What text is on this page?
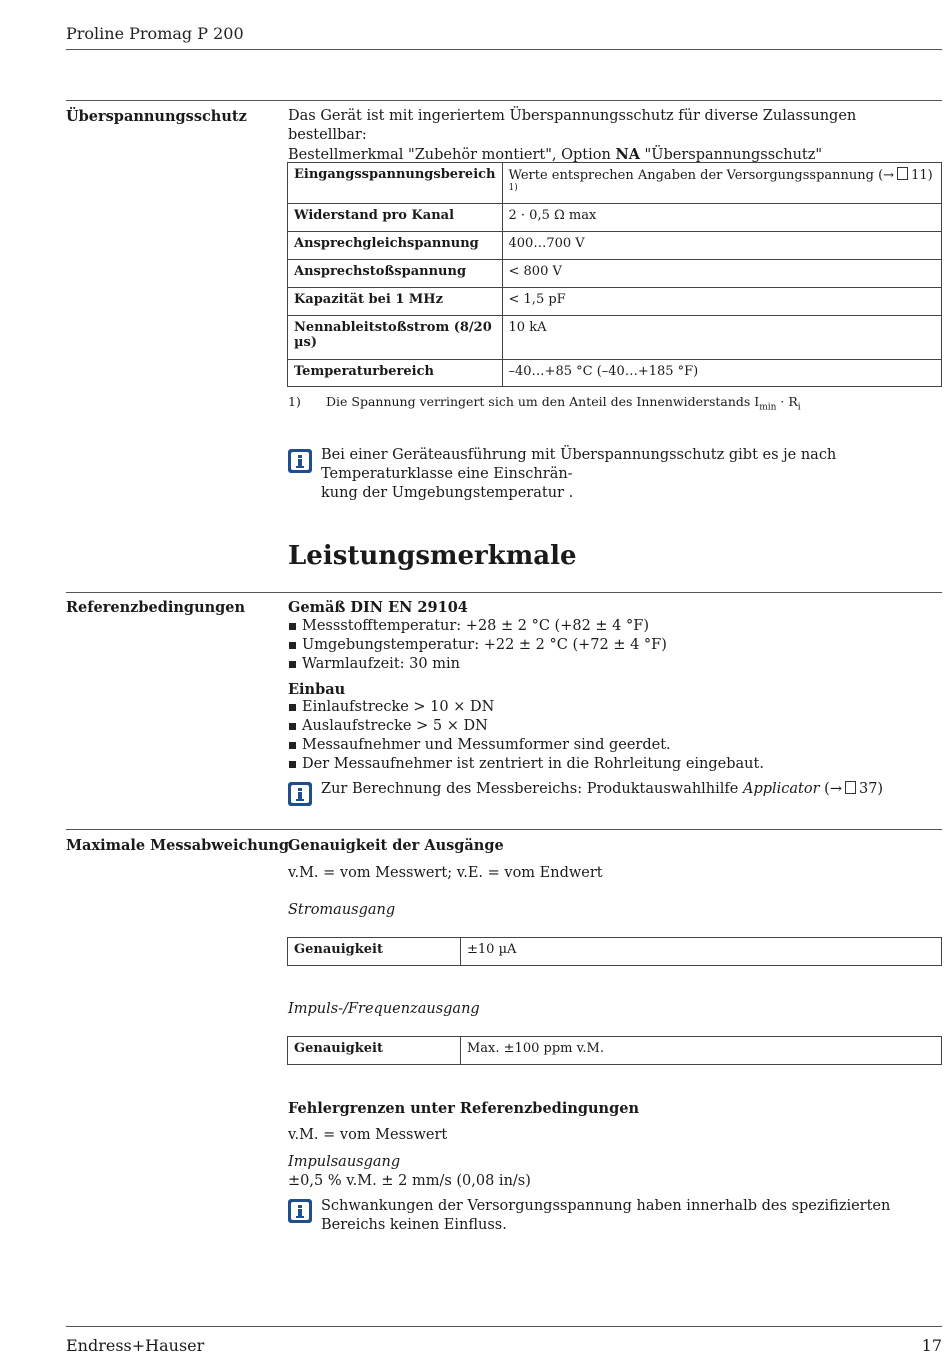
Proline Promag P 200
Überspannungsschutz	Das Gerät ist mit ingeriertem Überspannungsschutz für diverse Zulassungen bestellbar:
Bestellmerkmal "Zubehör montiert", Option NA "Überspannungsschutz"
Eingangsspannungsbereich	Werte entsprechen Angaben der Versorgungsspannung (→ 11) $^{1)}$
Widerstand pro Kanal	2 · 0,5 Ω max
Ansprechgleichspannung	400…700 V
Ansprechstoßspannung	< 800 V
Kapazität bei 1 MHz	< 1,5 pF
Nennableitstoßstrom (8/20 µs)	10 kA
Temperaturbereich	–40…+85 °C (–40…+185 °F)
1) Die Spannung verringert sich um den Anteil des Innenwiderstands $I_{min} \cdot R_i$
Bei einer Geräteausführung mit Überspannungsschutz gibt es je nach Temperaturklasse eine Einschrän-
kung der Umgebungstemperatur .
Leistungsmerkmale
Referenzbedingungen	Gemäß DIN EN 29104
Messstofftemperatur: +28 ± 2 °C (+82 ± 4 °F)
Umgebungstemperatur: +22 ± 2 °C (+72 ± 4 °F)
Warmlaufzeit: 30 min
Einbau
Einlaufstrecke > 10 × DN
Auslaufstrecke > 5 × DN
Messaufnehmer und Messumformer sind geerdet.
Der Messaufnehmer ist zentriert in die Rohrleitung eingebaut.
Zur Berechnung des Messbereichs: Produktauswahlhilfe Applicator (→ 37)
Maximale Messabweichung
Genauigkeit der Ausgänge
v.M. = vom Messwert; v.E. = vom Endwert
Stromausgang
Genauigkeit	±10 µA
Impuls-/Frequenzausgang
Genauigkeit	Max. ±100 ppm v.M.
Fehlergrenzen unter Referenzbedingungen
v.M. = vom Messwert
Impulsausgang
±0,5 % v.M. ± 2 mm/s (0,08 in/s)
Schwankungen der Versorgungsspannung haben innerhalb des spezifizierten Bereichs keinen Einfluss.
Endress+Hauser	17
